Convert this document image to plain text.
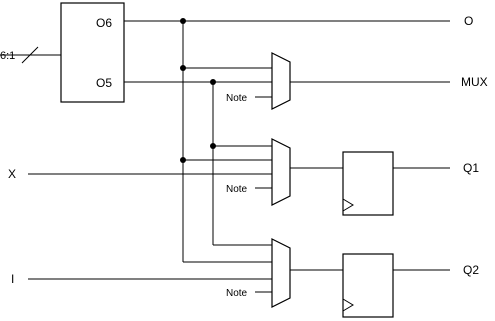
O6
O5
6:1
Note
X
Note
I
Note
O
MUX
Q1
Q2
